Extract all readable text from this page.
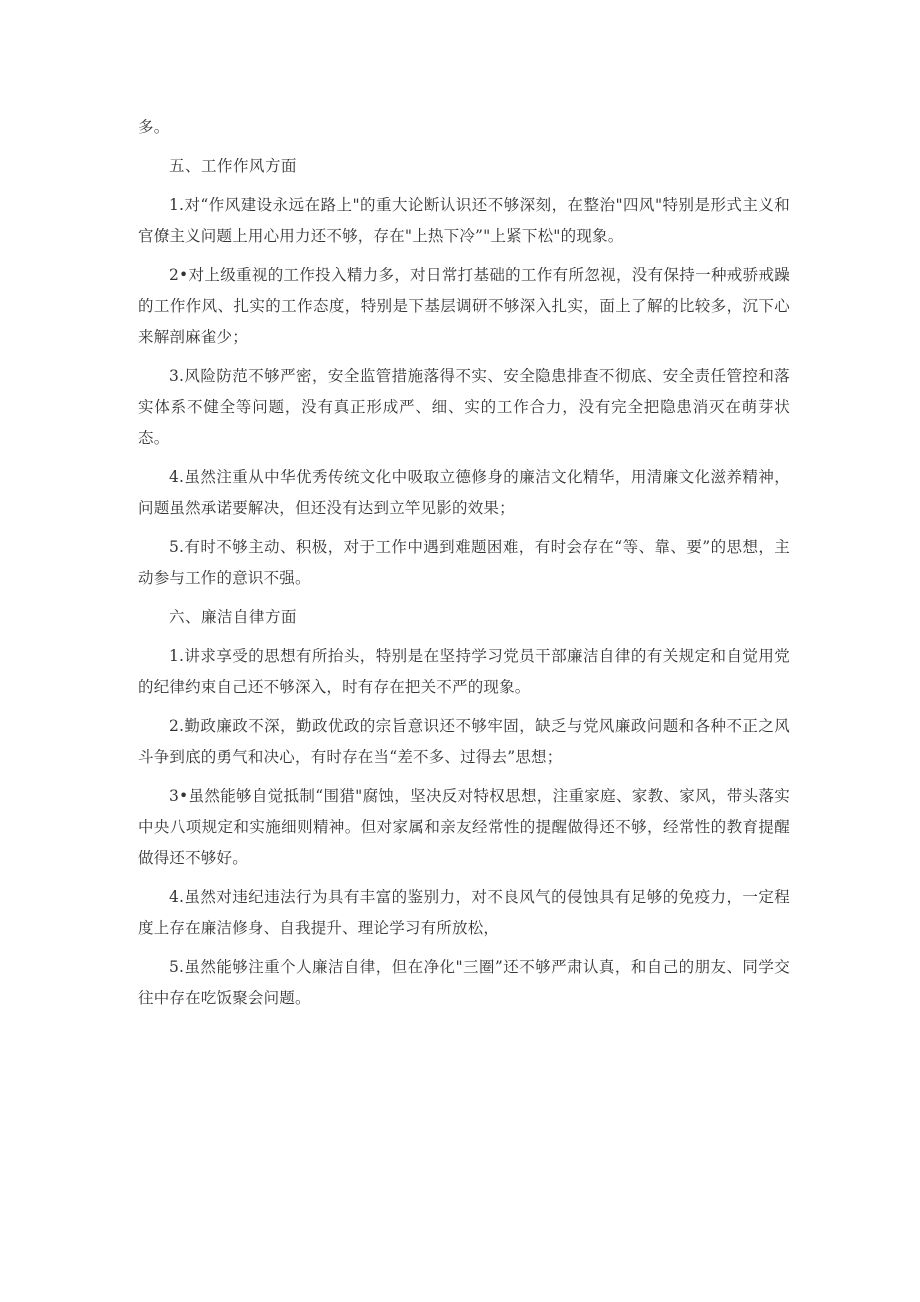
多。

五、工作作风方面

1.对“作风建设永远在路上"的重大论断认识还不够深刻，在整治"四风"特别是形式主义和官僚主义问题上用心用力还不够，存在"上热下冷”"上紧下松"的现象。

2•对上级重视的工作投入精力多，对日常打基础的工作有所忽视，没有保持一种戒骄戒躁的工作作风、扎实的工作态度，特别是下基层调研不够深入扎实，面上了解的比较多，沉下心来解剖麻雀少；

3.风险防范不够严密，安全监管措施落得不实、安全隐患排查不彻底、安全责任管控和落实体系不健全等问题，没有真正形成严、细、实的工作合力，没有完全把隐患消灭在萌芽状态。

4.虽然注重从中华优秀传统文化中吸取立德修身的廉洁文化精华，用清廉文化滋养精神，问题虽然承诺要解决，但还没有达到立竿见影的效果；

5.有时不够主动、积极，对于工作中遇到难题困难，有时会存在“等、靠、要”的思想，主动参与工作的意识不强。

六、廉洁自律方面

1.讲求享受的思想有所抬头，特别是在坚持学习党员干部廉洁自律的有关规定和自觉用党的纪律约束自己还不够深入，时有存在把关不严的现象。

2.勤政廉政不深，勤政优政的宗旨意识还不够牢固，缺乏与党风廉政问题和各种不正之风斗争到底的勇气和决心，有时存在当“差不多、过得去”思想；

3•虽然能够自觉抵制“围猎"腐蚀，坚决反对特权思想，注重家庭、家教、家风，带头落实中央八项规定和实施细则精神。但对家属和亲友经常性的提醒做得还不够，经常性的教育提醒做得还不够好。

4.虽然对违纪违法行为具有丰富的鉴别力，对不良风气的侵蚀具有足够的免疫力，一定程度上存在廉洁修身、自我提升、理论学习有所放松，

5.虽然能够注重个人廉洁自律，但在净化"三圈”还不够严肃认真，和自己的朋友、同学交往中存在吃饭聚会问题。
